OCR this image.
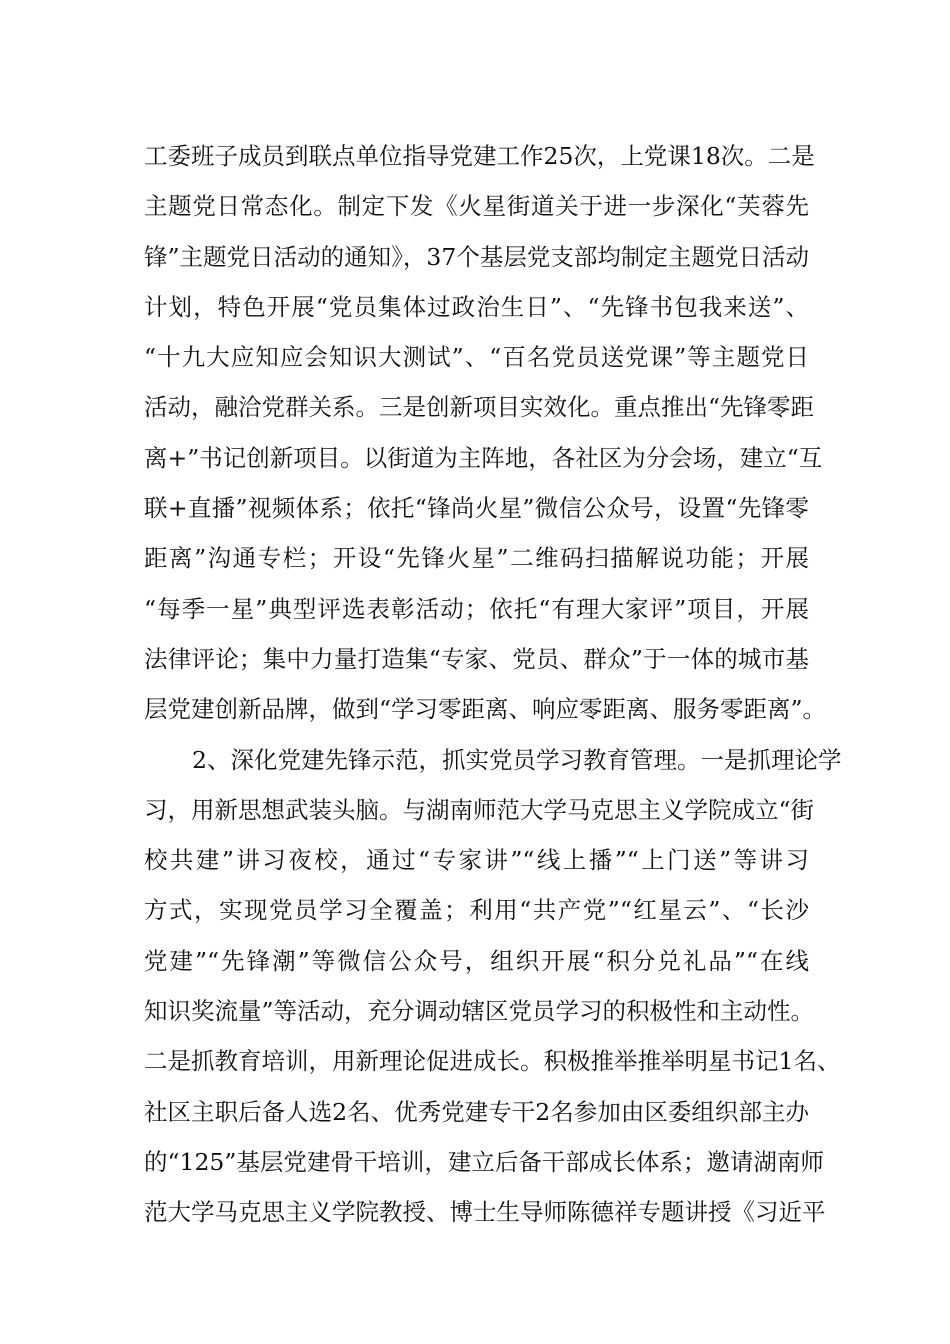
工委班子成员到联点单位指导党建工作25次，上党课18次。二是
主题党日常态化。制定下发《火星街道关于进一步深化“芙蓉先
锋”主题党日活动的通知》，37个基层党支部均制定主题党日活动
计划，特色开展“党员集体过政治生日”、“先锋书包我来送”、
“十九大应知应会知识大测试”、“百名党员送党课”等主题党日
活动，融洽党群关系。三是创新项目实效化。重点推出“先锋零距
离+”书记创新项目。以街道为主阵地，各社区为分会场，建立“互
联+直播”视频体系；依托“锋尚火星”微信公众号，设置“先锋零
距离”沟通专栏；开设“先锋火星”二维码扫描解说功能；开展
“每季一星”典型评选表彰活动；依托“有理大家评”项目，开展
法律评论；集中力量打造集“专家、党员、群众”于一体的城市基
层党建创新品牌，做到“学习零距离、响应零距离、服务零距离”。
2、深化党建先锋示范，抓实党员学习教育管理。一是抓理论学
习，用新思想武装头脑。与湖南师范大学马克思主义学院成立“街
校共建”讲习夜校，通过“专家讲”“线上播”“上门送”等讲习
方式，实现党员学习全覆盖；利用“共产党”“红星云”、“长沙
党建”“先锋潮”等微信公众号，组织开展“积分兑礼品”“在线
知识奖流量”等活动，充分调动辖区党员学习的积极性和主动性。
二是抓教育培训，用新理论促进成长。积极推举推举明星书记1名、
社区主职后备人选2名、优秀党建专干2名参加由区委组织部主办
的“125”基层党建骨干培训，建立后备干部成长体系；邀请湖南师
范大学马克思主义学院教授、博士生导师陈德祥专题讲授《习近平
